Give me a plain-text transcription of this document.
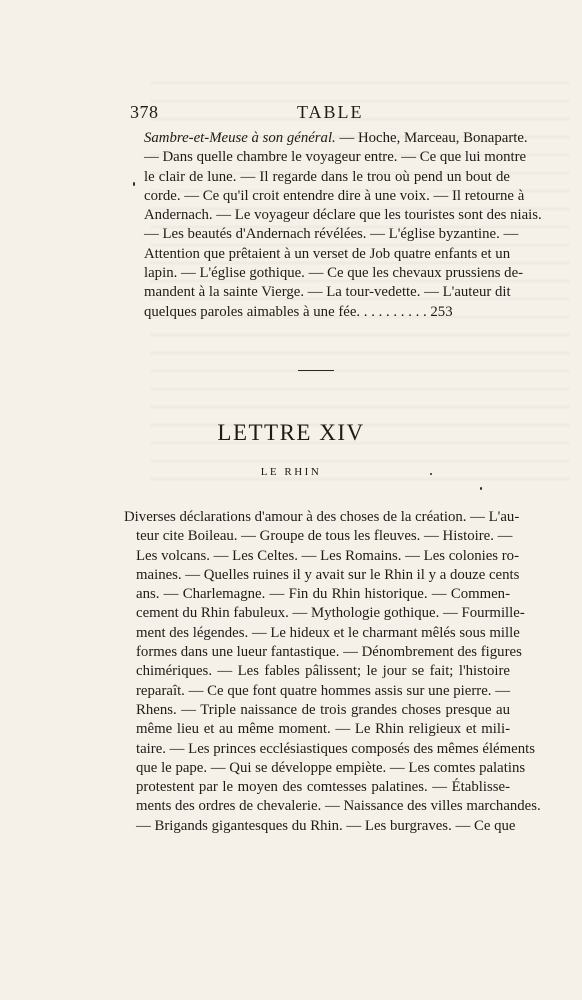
378	TABLE
Sambre-et-Meuse à son général. — Hoche, Marceau, Bonaparte.
— Dans quelle chambre le voyageur entre. — Ce que lui montre
le clair de lune. — Il regarde dans le trou où pend un bout de
corde. — Ce qu'il croit entendre dire à une voix. — Il retourne à
Andernach. — Le voyageur déclare que les touristes sont des niais.
— Les beautés d'Andernach révélées. — L'église byzantine. —
Attention que prêtaient à un verset de Job quatre enfants et un
lapin. — L'église gothique. — Ce que les chevaux prussiens de-
mandent à la sainte Vierge. — La tour-vedette. — L'auteur dit
quelques paroles aimables à une fée. . . . . . . . . . 253
LETTRE XIV
LE RHIN
Diverses déclarations d'amour à des choses de la création. — L'au-
teur cite Boileau. — Groupe de tous les fleuves. — Histoire. —
Les volcans. — Les Celtes. — Les Romains. — Les colonies ro-
maines. — Quelles ruines il y avait sur le Rhin il y a douze cents
ans. — Charlemagne. — Fin du Rhin historique. — Commen-
cement du Rhin fabuleux. — Mythologie gothique. — Fourmille-
ment des légendes. — Le hideux et le charmant mêlés sous mille
formes dans une lueur fantastique. — Dénombrement des figures
chimériques. — Les fables pâlissent; le jour se fait; l'histoire
reparaît. — Ce que font quatre hommes assis sur une pierre. —
Rhens. — Triple naissance de trois grandes choses presque au
même lieu et au même moment. — Le Rhin religieux et mili-
taire. — Les princes ecclésiastiques composés des mêmes éléments
que le pape. — Qui se développe empiète. — Les comtes palatins
protestent par le moyen des comtesses palatines. — Établisse-
ments des ordres de chevalerie. — Naissance des villes marchandes.
— Brigands gigantesques du Rhin. — Les burgraves. — Ce que
